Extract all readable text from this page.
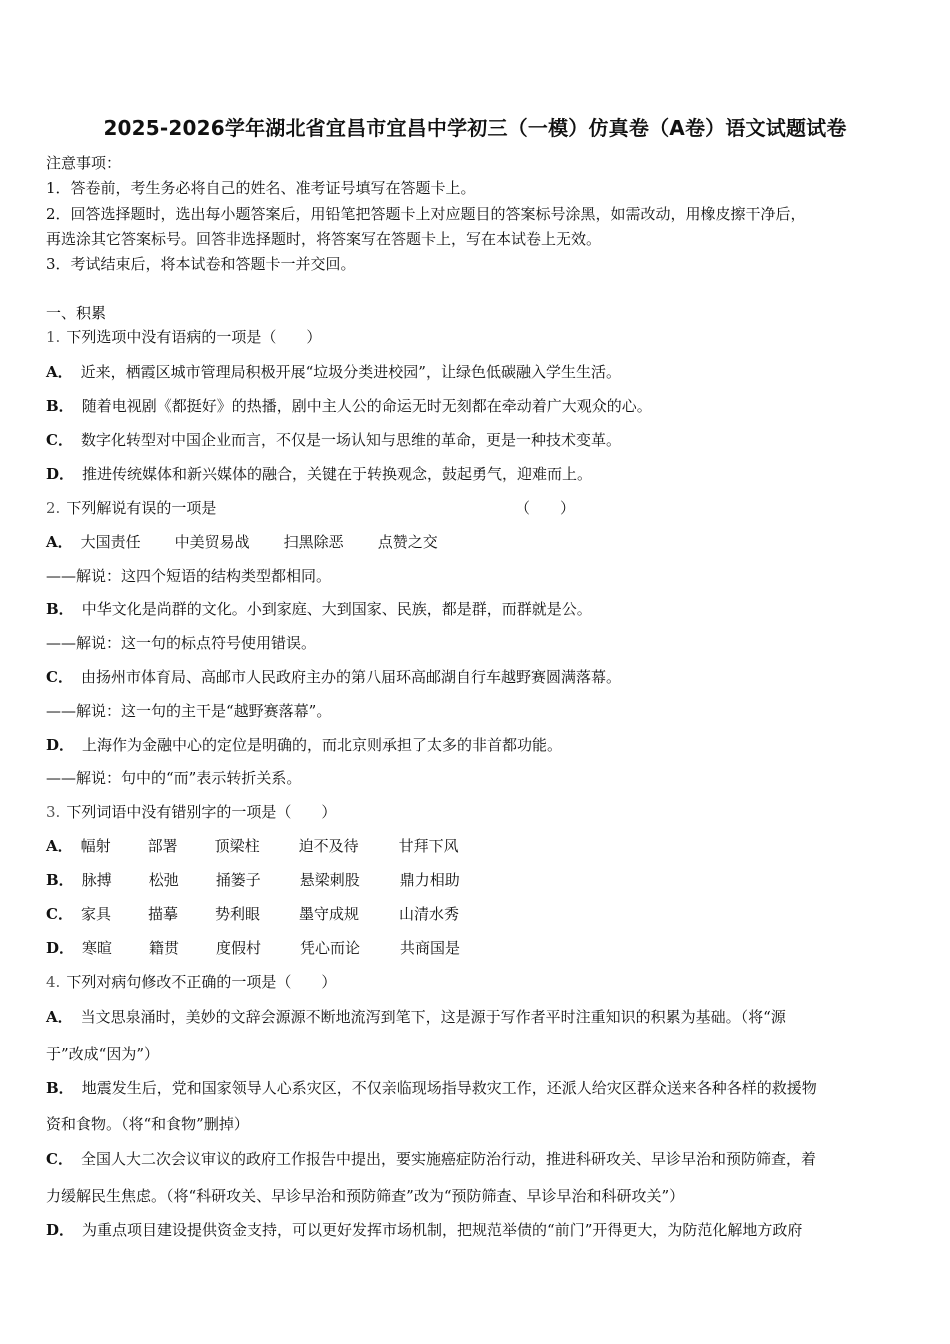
2025-2026学年湖北省宜昌市宜昌中学初三（一模）仿真卷（A卷）语文试题试卷
注意事项：
1．答卷前，考生务必将自己的姓名、准考证号填写在答题卡上。
2．回答选择题时，选出每小题答案后，用铅笔把答题卡上对应题目的答案标号涂黑，如需改动，用橡皮擦干净后，
再选涂其它答案标号。回答非选择题时，将答案写在答题卡上，写在本试卷上无效。
3．考试结束后，将本试卷和答题卡一并交回。
一、积累
1. 下列选项中没有语病的一项是（　　）
A． 近来，栖霞区城市管理局积极开展“垃圾分类进校园”，让绿色低碳融入学生生活。
B． 随着电视剧《都挺好》的热播，剧中主人公的命运无时无刻都在牵动着广大观众的心。
C． 数字化转型对中国企业而言，不仅是一场认知与思维的革命，更是一种技术变革。
D． 推进传统媒体和新兴媒体的融合，关键在于转换观念，鼓起勇气，迎难而上。
2. 下列解说有误的一项是	（　　）
A． 大国责任 中美贸易战 扫黑除恶 点赞之交
——解说：这四个短语的结构类型都相同。
B． 中华文化是尚群的文化。小到家庭、大到国家、民族，都是群，而群就是公。
——解说：这一句的标点符号使用错误。
C． 由扬州市体育局、高邮市人民政府主办的第八届环高邮湖自行车越野赛圆满落幕。
——解说：这一句的主干是“越野赛落幕”。
D． 上海作为金融中心的定位是明确的，而北京则承担了太多的非首都功能。
——解说：句中的“而”表示转折关系。
3. 下列词语中没有错别字的一项是（　　）
A． 幅射 部署 顶梁柱	迫不及待	甘拜下风
B． 脉搏 松弛 捅篓子	悬梁刺股	鼎力相助
C． 家具 描摹 势利眼	墨守成规	山清水秀
D． 寒暄 籍贯 度假村	凭心而论	共商国是
4. 下列对病句修改不正确的一项是（　　）
A． 当文思泉涌时，美妙的文辞会源源不断地流泻到笔下，这是源于写作者平时注重知识的积累为基础。（将“源
于”改成“因为”）
B． 地震发生后，党和国家领导人心系灾区，不仅亲临现场指导救灾工作，还派人给灾区群众送来各种各样的救援物
资和食物。（将“和食物”删掉）
C． 全国人大二次会议审议的政府工作报告中提出，要实施癌症防治行动，推进科研攻关、早诊早治和预防筛查，着
力缓解民生焦虑。（将“科研攻关、早诊早治和预防筛查”改为“预防筛查、早诊早治和科研攻关”）
D． 为重点项目建设提供资金支持，可以更好发挥市场机制，把规范举债的“前门”开得更大，为防范化解地方政府
